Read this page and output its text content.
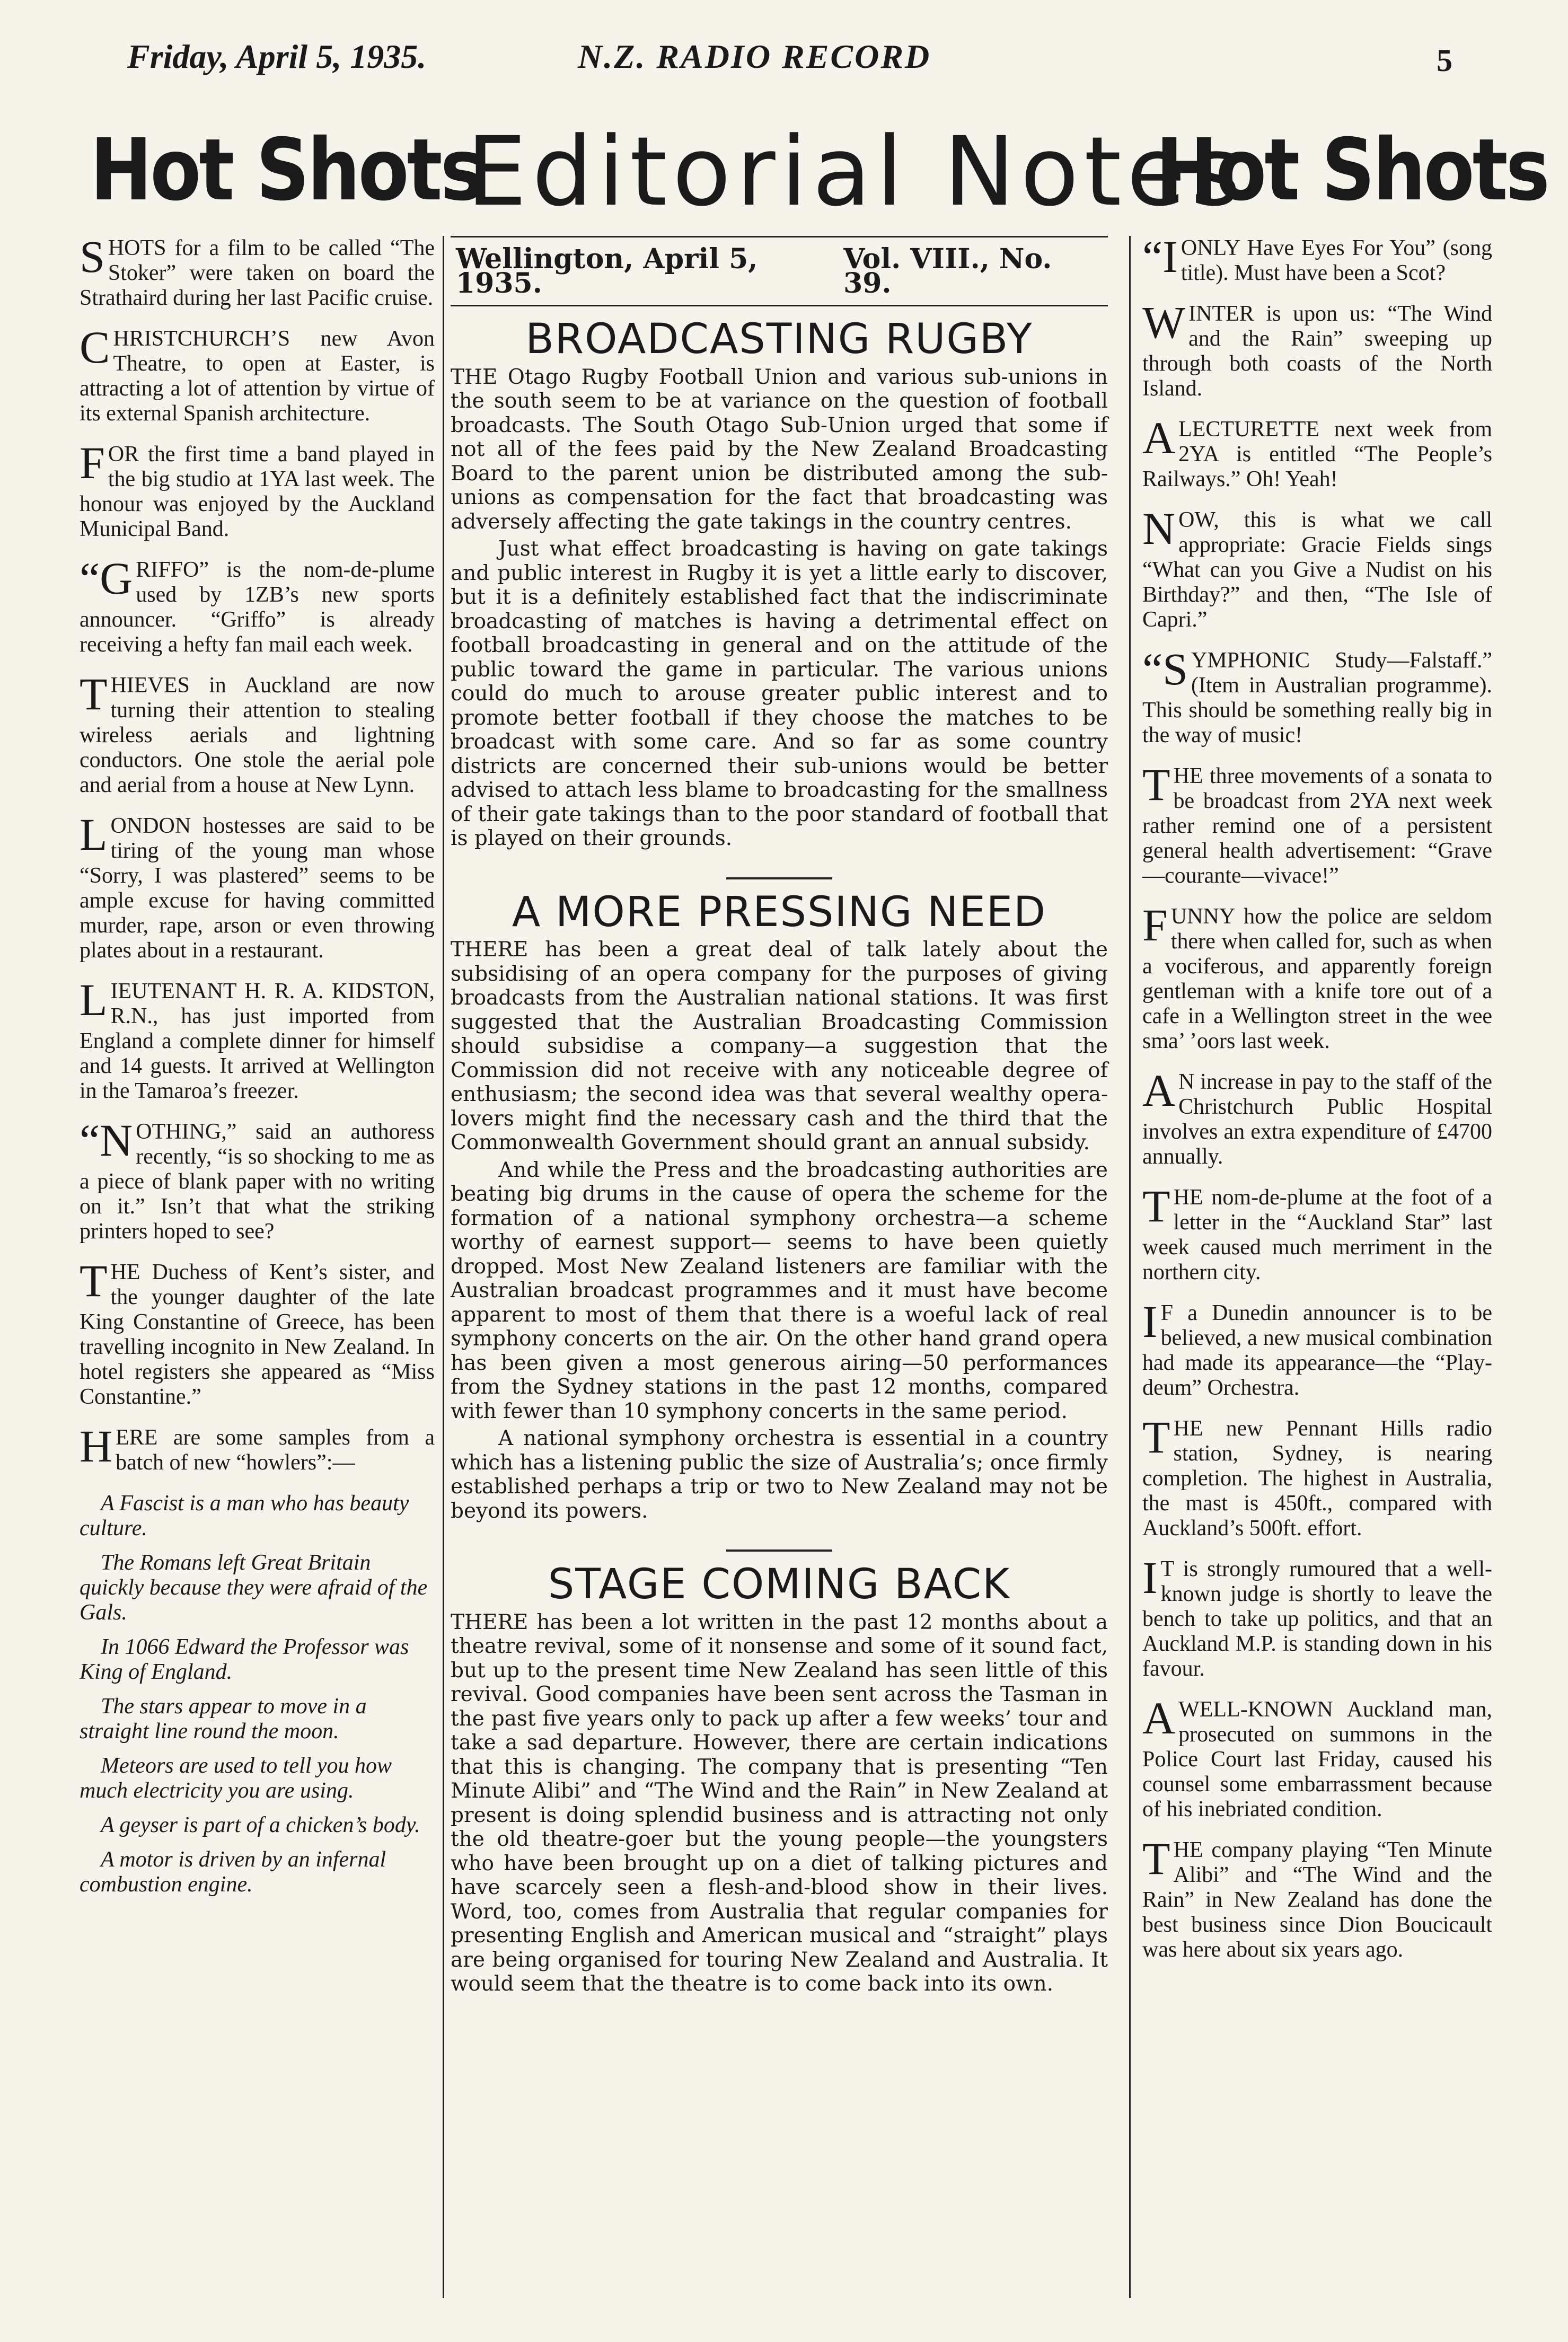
Friday, April 5, 1935.	N.Z. RADIO RECORD	5
Hot Shots
Editorial Notes
Hot Shots
SHOTS for a film to be called “The Stoker” were taken on board the Strathaird during her last Pacific cruise.
CHRISTCHURCH’S new Avon Theatre, to open at Easter, is attracting a lot of attention by virtue of its external Spanish architecture.
FOR the first time a band played in the big studio at 1YA last week. The honour was enjoyed by the Auckland Municipal Band.
“GRIFFO” is the nom-de-plume used by 1ZB’s new sports announcer. “Griffo” is already receiving a hefty fan mail each week.
THIEVES in Auckland are now turning their attention to stealing wireless aerials and lightning conductors. One stole the aerial pole and aerial from a house at New Lynn.
LONDON hostesses are said to be tiring of the young man whose “Sorry, I was plastered” seems to be ample excuse for having committed murder, rape, arson or even throwing plates about in a restaurant.
LIEUTENANT H. R. A. KIDSTON, R.N., has just imported from England a complete dinner for himself and 14 guests. It arrived at Wellington in the Tamaroa’s freezer.
“NOTHING,” said an authoress recently, “is so shocking to me as a piece of blank paper with no writing on it.” Isn’t that what the striking printers hoped to see?
THE Duchess of Kent’s sister, and the younger daughter of the late King Constantine of Greece, has been travelling incognito in New Zealand. In hotel registers she appeared as “Miss Constantine.”
HERE are some samples from a batch of new “howlers”:—
A Fascist is a man who has beauty culture.
The Romans left Great Britain quickly because they were afraid of the Gals.
In 1066 Edward the Professor was King of England.
The stars appear to move in a straight line round the moon.
Meteors are used to tell you how much electricity you are using.
A geyser is part of a chicken’s body.
A motor is driven by an infernal combustion engine.
Wellington, April 5, 1935.
Vol. VIII., No. 39.
BROADCASTING RUGBY

THE Otago Rugby Football Union and various sub-unions in the south seem to be at variance on the question of football broadcasts. The South Otago Sub-Union urged that some if not all of the fees paid by the New Zealand Broadcasting Board to the parent union be distributed among the sub-unions as compensation for the fact that broadcasting was adversely affecting the gate takings in the country centres.

Just what effect broadcasting is having on gate takings and public interest in Rugby it is yet a little early to discover, but it is a definitely established fact that the indiscriminate broadcasting of matches is having a detrimental effect on football broadcasting in general and on the attitude of the public toward the game in particular. The various unions could do much to arouse greater public interest and to promote better football if they choose the matches to be broadcast with some care. And so far as some country districts are concerned their sub-unions would be better advised to attach less blame to broadcasting for the smallness of their gate takings than to the poor standard of football that is played on their grounds.

A MORE PRESSING NEED

THERE has been a great deal of talk lately about the subsidising of an opera company for the purposes of giving broadcasts from the Australian national stations. It was first suggested that the Australian Broadcasting Commission should subsidise a company—a suggestion that the Commission did not receive with any noticeable degree of enthusiasm; the second idea was that several wealthy opera-lovers might find the necessary cash and the third that the Commonwealth Government should grant an annual subsidy.

And while the Press and the broadcasting authorities are beating big drums in the cause of opera the scheme for the formation of a national symphony orchestra—a scheme worthy of earnest support— seems to have been quietly dropped. Most New Zealand listeners are familiar with the Australian broadcast programmes and it must have become apparent to most of them that there is a woeful lack of real symphony concerts on the air. On the other hand grand opera has been given a most generous airing—50 performances from the Sydney stations in the past 12 months, compared with fewer than 10 symphony concerts in the same period.

A national symphony orchestra is essential in a country which has a listening public the size of Australia’s; once firmly established perhaps a trip or two to New Zealand may not be beyond its powers.

STAGE COMING BACK

THERE has been a lot written in the past 12 months about a theatre revival, some of it nonsense and some of it sound fact, but up to the present time New Zealand has seen little of this revival. Good companies have been sent across the Tasman in the past five years only to pack up after a few weeks’ tour and take a sad departure. However, there are certain indications that this is changing. The company that is presenting “Ten Minute Alibi” and “The Wind and the Rain” in New Zealand at present is doing splendid business and is attracting not only the old theatre-goer but the young people—the youngsters who have been brought up on a diet of talking pictures and have scarcely seen a flesh-and-blood show in their lives. Word, too, comes from Australia that regular companies for presenting English and American musical and “straight” plays are being organised for touring New Zealand and Australia. It would seem that the theatre is to come back into its own.

“I ONLY Have Eyes For You” (song title). Must have been a Scot?
WINTER is upon us: “The Wind and the Rain” sweeping up through both coasts of the North Island.
A LECTURETTE next week from 2YA is entitled “The People’s Railways.” Oh! Yeah!
NOW, this is what we call appropriate: Gracie Fields sings “What can you Give a Nudist on his Birthday?” and then, “The Isle of Capri.”
“SYMPHONIC Study—Falstaff.” (Item in Australian programme). This should be something really big in the way of music!
THE three movements of a sonata to be broadcast from 2YA next week rather remind one of a persistent general health advertisement: “Grave—courante—vivace!”
FUNNY how the police are seldom there when called for, such as when a vociferous, and apparently foreign gentleman with a knife tore out of a cafe in a Wellington street in the wee sma’ ’oors last week.
A N increase in pay to the staff of the Christchurch Public Hospital involves an extra expenditure of £4700 annually.
THE nom-de-plume at the foot of a letter in the “Auckland Star” last week caused much merriment in the northern city.
I F a Dunedin announcer is to be believed, a new musical combination had made its appearance—the “Play-deum” Orchestra.
THE new Pennant Hills radio station, Sydney, is nearing completion. The highest in Australia, the mast is 450ft., compared with Auckland’s 500ft. effort.
I T is strongly rumoured that a well-known judge is shortly to leave the bench to take up politics, and that an Auckland M.P. is standing down in his favour.
A WELL-KNOWN Auckland man, prosecuted on summons in the Police Court last Friday, caused his counsel some embarrassment because of his inebriated condition.
THE company playing “Ten Minute Alibi” and “The Wind and the Rain” in New Zealand has done the best business since Dion Boucicault was here about six years ago.
